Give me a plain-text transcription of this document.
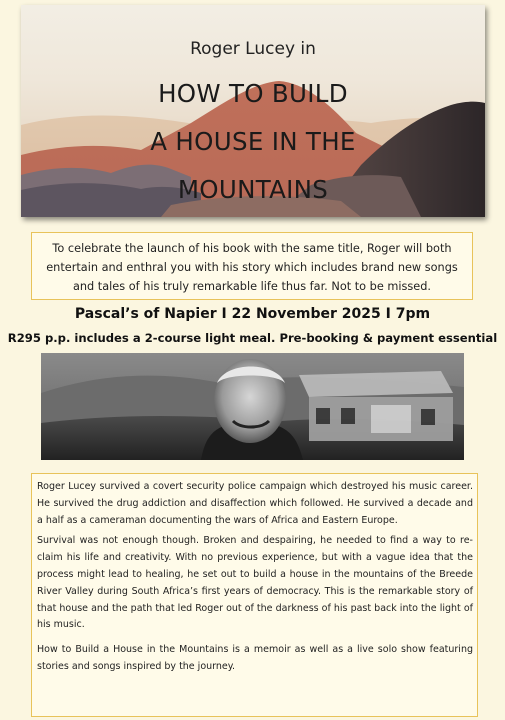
Roger Lucey in
HOW TO BUILD
A HOUSE IN THE
MOUNTAINS
To celebrate the launch of his book with the same title, Roger will both entertain and enthral you with his story which includes brand new songs and tales of his truly remarkable life thus far. Not to be missed.
Pascal’s of Napier I 22 November 2025 I 7pm
R295 p.p. includes a 2-course light meal. Pre-booking & payment essential

Roger Lucey survived a covert security police campaign which destroyed his music career. He survived the drug addiction and disaffection which followed. He survived a decade and a half as a cameraman documenting the wars of Africa and Eastern Europe.

Survival was not enough though. Broken and despairing, he needed to find a way to re-claim his life and creativity. With no previous experience, but with a vague idea that the process might lead to healing, he set out to build a house in the mountains of the Breede River Valley during South Africa’s first years of democracy. This is the remarkable story of that house and the path that led Roger out of the darkness of his past back into the light of his music.

How to Build a House in the Mountains is a memoir as well as a live solo show featuring stories and songs inspired by the journey.
